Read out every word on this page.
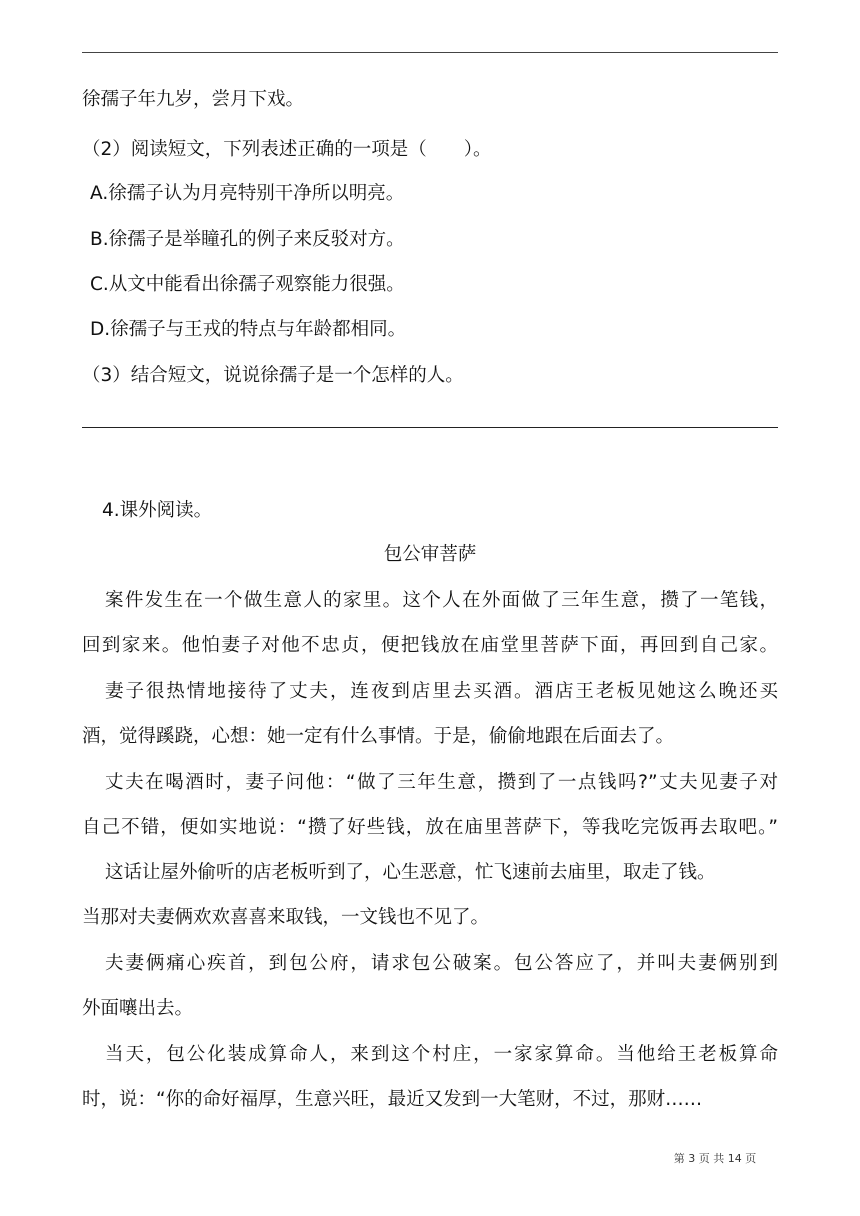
徐孺子年九岁，尝月下戏。
（2）阅读短文，下列表述正确的一项是（　　）。
A.徐孺子认为月亮特别干净所以明亮。
B.徐孺子是举瞳孔的例子来反驳对方。
C.从文中能看出徐孺子观察能力很强。
D.徐孺子与王戎的特点与年龄都相同。
（3）结合短文，说说徐孺子是一个怎样的人。
4.课外阅读。
包公审菩萨
案件发生在一个做生意人的家里。这个人在外面做了三年生意，攒了一笔钱，
回到家来。他怕妻子对他不忠贞，便把钱放在庙堂里菩萨下面，再回到自己家。
妻子很热情地接待了丈夫，连夜到店里去买酒。酒店王老板见她这么晚还买
酒，觉得蹊跷，心想：她一定有什么事情。于是，偷偷地跟在后面去了。
丈夫在喝酒时，妻子问他：“做了三年生意，攒到了一点钱吗?”丈夫见妻子对
自己不错，便如实地说：“攒了好些钱，放在庙里菩萨下，等我吃完饭再去取吧。”
这话让屋外偷听的店老板听到了，心生恶意，忙飞速前去庙里，取走了钱。
当那对夫妻俩欢欢喜喜来取钱，一文钱也不见了。
夫妻俩痛心疾首，到包公府，请求包公破案。包公答应了，并叫夫妻俩别到
外面嚷出去。
当天，包公化装成算命人，来到这个村庄，一家家算命。当他给王老板算命
时，说：“你的命好福厚，生意兴旺，最近又发到一大笔财，不过，那财……
第 3 页 共 14 页
